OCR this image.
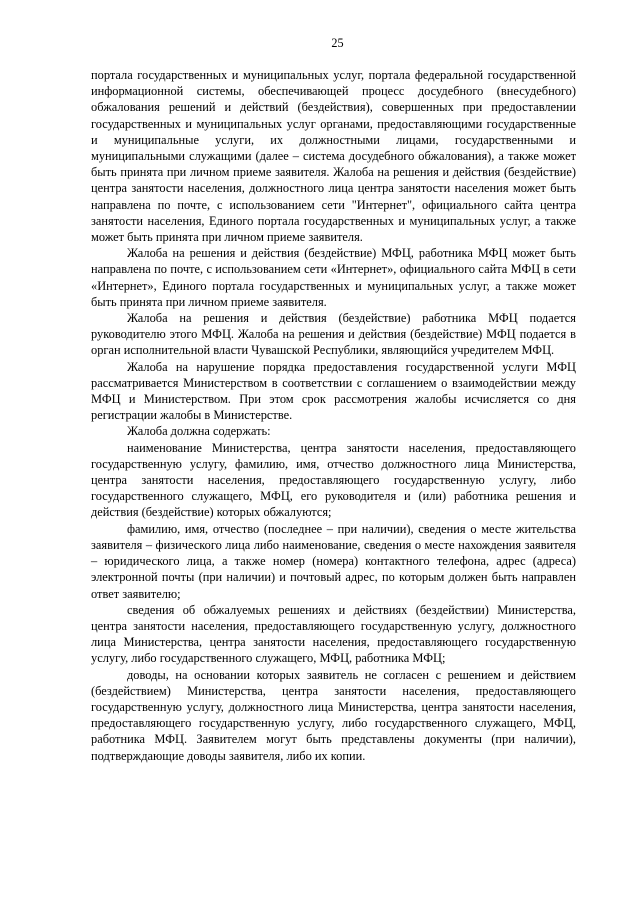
25

портала государственных и муниципальных услуг, портала федеральной государственной информационной системы, обеспечивающей процесс досудебного (внесудебного) обжалования решений и действий (бездействия), совершенных при предоставлении государственных и муниципальных услуг органами, предоставляющими государственные и муниципальные услуги, их должностными лицами, государственными и муниципальными служащими (далее – система досудебного обжалования), а также может быть принята при личном приеме заявителя. Жалоба на решения и действия (бездействие) центра занятости населения, должностного лица центра занятости населения может быть направлена по почте, с использованием сети "Интернет", официального сайта центра занятости населения, Единого портала государственных и муниципальных услуг, а также может быть принята при личном приеме заявителя.

Жалоба на решения и действия (бездействие) МФЦ, работника МФЦ может быть направлена по почте, с использованием сети «Интернет», официального сайта МФЦ в сети «Интернет», Единого портала государственных и муниципальных услуг, а также может быть принята при личном приеме заявителя.

Жалоба на решения и действия (бездействие) работника МФЦ подается руководителю этого МФЦ. Жалоба на решения и действия (бездействие) МФЦ подается в орган исполнительной власти Чувашской Республики, являющийся учредителем МФЦ.

Жалоба на нарушение порядка предоставления государственной услуги МФЦ рассматривается Министерством в соответствии с соглашением о взаимодействии между МФЦ и Министерством. При этом срок рассмотрения жалобы исчисляется со дня регистрации жалобы в Министерстве.

Жалоба должна содержать:

наименование Министерства, центра занятости населения, предоставляющего государственную услугу, фамилию, имя, отчество должностного лица Министерства, центра занятости населения, предоставляющего государственную услугу, либо государственного служащего, МФЦ, его руководителя и (или) работника решения и действия (бездействие) которых обжалуются;

фамилию, имя, отчество (последнее – при наличии), сведения о месте жительства заявителя – физического лица либо наименование, сведения о месте нахождения заявителя – юридического лица, а также номер (номера) контактного телефона, адрес (адреса) электронной почты (при наличии) и почтовый адрес, по которым должен быть направлен ответ заявителю;

сведения об обжалуемых решениях и действиях (бездействии) Министерства, центра занятости населения, предоставляющего государственную услугу, должностного лица Министерства, центра занятости населения, предоставляющего государственную услугу, либо государственного служащего, МФЦ, работника МФЦ;

доводы, на основании которых заявитель не согласен с решением и действием (бездействием) Министерства, центра занятости населения, предоставляющего государственную услугу, должностного лица Министерства, центра занятости населения, предоставляющего государственную услугу, либо государственного служащего, МФЦ, работника МФЦ. Заявителем могут быть представлены документы (при наличии), подтверждающие доводы заявителя, либо их копии.
